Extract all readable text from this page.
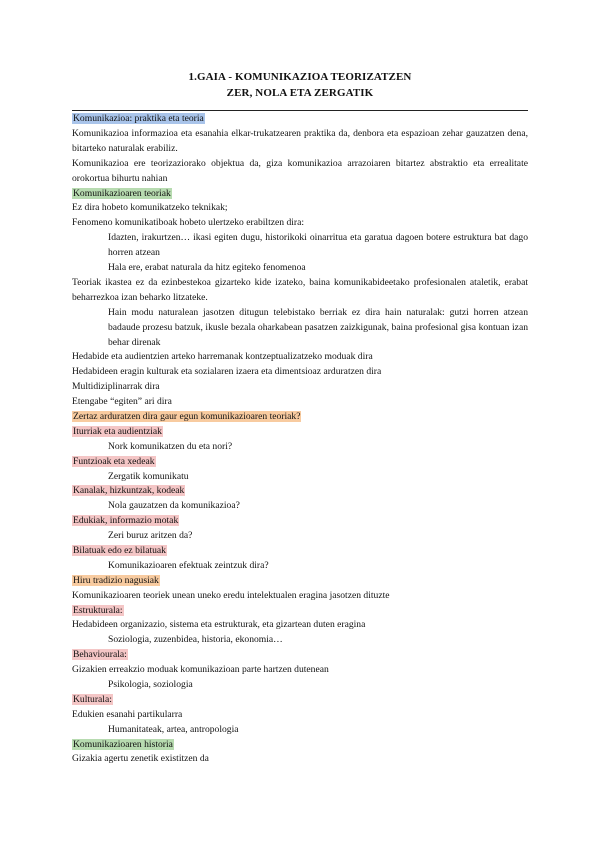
1.GAIA - KOMUNIKAZIOA TEORIZATZEN
ZER, NOLA ETA ZERGATIK
Komunikazioa: praktika eta teoria
Komunikazioa informazioa eta esanahia elkar-trukatzearen praktika da, denbora eta espazioan zehar gauzatzen dena, bitarteko naturalak erabiliz.
Komunikazioa ere teorizaziorako objektua da, giza komunikazioa arrazoiaren bitartez abstraktio eta errealitate orokortua bihurtu nahian
Komunikazioaren teoriak
Ez dira hobeto komunikatzeko teknikak;
Fenomeno komunikatiboak hobeto ulertzeko erabiltzen dira:
Idazten, irakurtzen… ikasi egiten dugu, historikoki oinarritua eta garatua dagoen botere estruktura bat dago horren atzean
Hala ere, erabat naturala da hitz egiteko fenomenoa
Teoriak ikastea ez da ezinbestekoa gizarteko kide izateko, baina komunikabideetako profesionalen ataletik, erabat beharrezkoa izan beharko litzateke.
Hain modu naturalean jasotzen ditugun telebistako berriak ez dira hain naturalak: gutzi horren atzean badaude prozesu batzuk, ikusle bezala oharkabean pasatzen zaizkigunak, baina profesional gisa kontuan izan behar direnak
Hedabide eta audientzien arteko harremanak kontzeptualizatzeko moduak dira
Hedabideen eragin kulturak eta sozialaren izaera eta dimentsioaz arduratzen dira
Multidiziplinarrak dira
Etengabe “egiten” ari dira
Zertaz arduratzen dira gaur egun komunikazioaren teoriak?
Iturriak eta audientziak
Nork komunikatzen du eta nori?
Funtzioak eta xedeak
Zergatik komunikatu
Kanalak, hizkuntzak, kodeak
Nola gauzatzen da komunikazioa?
Edukiak, informazio motak
Zeri buruz aritzen da?
Bilatuak edo ez bilatuak
Komunikazioaren efektuak zeintzuk dira?
Hiru tradizio nagusiak
Komunikazioaren teoriek unean uneko eredu intelektualen eragina jasotzen dituzte
Estrukturala:
Hedabideen organizazio, sistema eta estrukturak, eta gizartean duten eragina
Soziologia, zuzenbidea, historia, ekonomia…
Behaviourala:
Gizakien erreakzio moduak komunikazioan parte hartzen dutenean
Psikologia, soziologia
Kulturala:
Edukien esanahi partikularra
Humanitateak, artea, antropologia
Komunikazioaren historia
Gizakia agertu zenetik existitzen da
